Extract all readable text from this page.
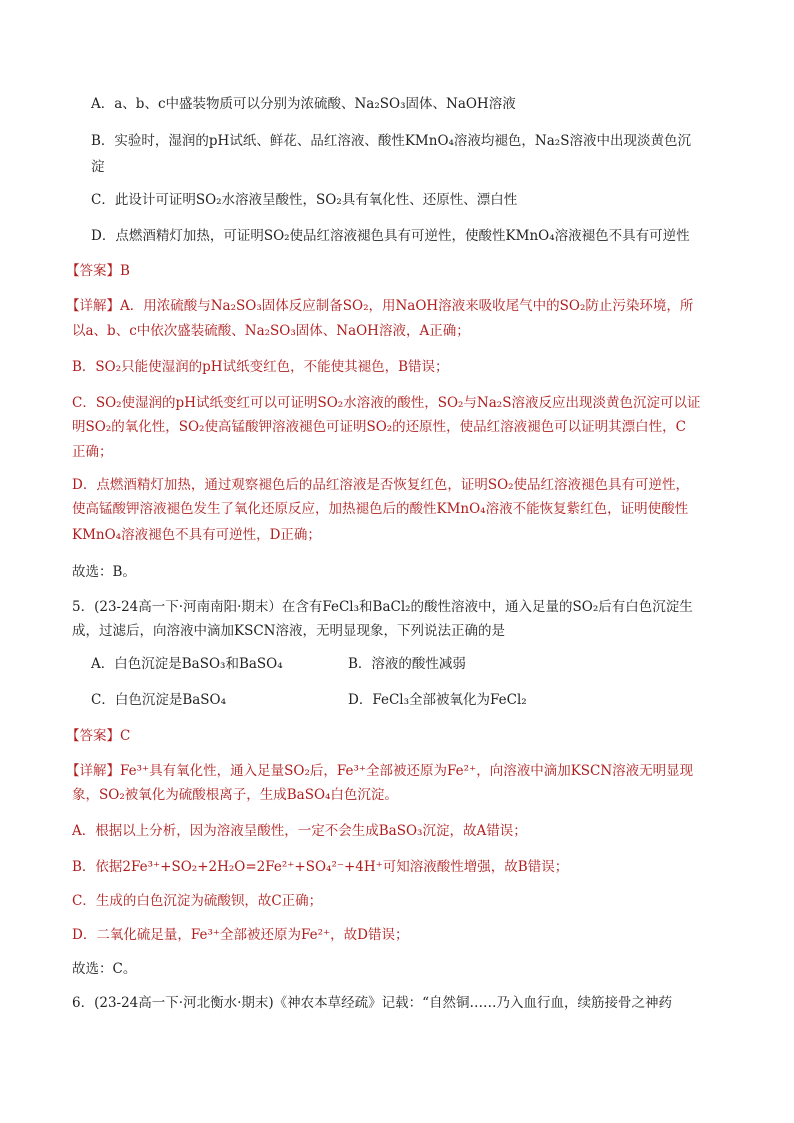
A．a、b、c中盛装物质可以分别为浓硫酸、Na₂SO₃固体、NaOH溶液
B．实验时，湿润的pH试纸、鲜花、品红溶液、酸性KMnO₄溶液均褪色，Na₂S溶液中出现淡黄色沉
淀
C．此设计可证明SO₂水溶液呈酸性，SO₂具有氧化性、还原性、漂白性
D．点燃酒精灯加热，可证明SO₂使品红溶液褪色具有可逆性，使酸性KMnO₄溶液褪色不具有可逆性
【答案】B
【详解】A．用浓硫酸与Na₂SO₃固体反应制备SO₂，用NaOH溶液来吸收尾气中的SO₂防止污染环境，所
以a、b、c中依次盛装硫酸、Na₂SO₃固体、NaOH溶液，A正确；
B．SO₂只能使湿润的pH试纸变红色，不能使其褪色，B错误；
C．SO₂使湿润的pH试纸变红可以可证明SO₂水溶液的酸性，SO₂与Na₂S溶液反应出现淡黄色沉淀可以证
明SO₂的氧化性，SO₂使高锰酸钾溶液褪色可证明SO₂的还原性，使品红溶液褪色可以证明其漂白性，C
正确；
D．点燃酒精灯加热，通过观察褪色后的品红溶液是否恢复红色，证明SO₂使品红溶液褪色具有可逆性，
使高锰酸钾溶液褪色发生了氧化还原反应，加热褪色后的酸性KMnO₄溶液不能恢复紫红色，证明使酸性
KMnO₄溶液褪色不具有可逆性，D正确；
故选：B。
5．(23-24高一下·河南南阳·期末）在含有FeCl₃和BaCl₂的酸性溶液中，通入足量的SO₂后有白色沉淀生
成，过滤后，向溶液中滴加KSCN溶液，无明显现象，下列说法正确的是
A．白色沉淀是BaSO₃和BaSO₄	B．溶液的酸性减弱
C．白色沉淀是BaSO₄	D．FeCl₃全部被氧化为FeCl₂
【答案】C
【详解】Fe³⁺具有氧化性，通入足量SO₂后，Fe³⁺全部被还原为Fe²⁺，向溶液中滴加KSCN溶液无明显现
象，SO₂被氧化为硫酸根离子，生成BaSO₄白色沉淀。
A．根据以上分析，因为溶液呈酸性，一定不会生成BaSO₃沉淀，故A错误；
B．依据2Fe³⁺+SO₂+2H₂O=2Fe²⁺+SO₄²⁻+4H⁺可知溶液酸性增强，故B错误；
C．生成的白色沉淀为硫酸钡，故C正确；
D．二氧化硫足量，Fe³⁺全部被还原为Fe²⁺，故D错误；
故选：C。
6．(23-24高一下·河北衡水·期末)《神农本草经疏》记载：“自然铜……乃入血行血，续筋接骨之神药
